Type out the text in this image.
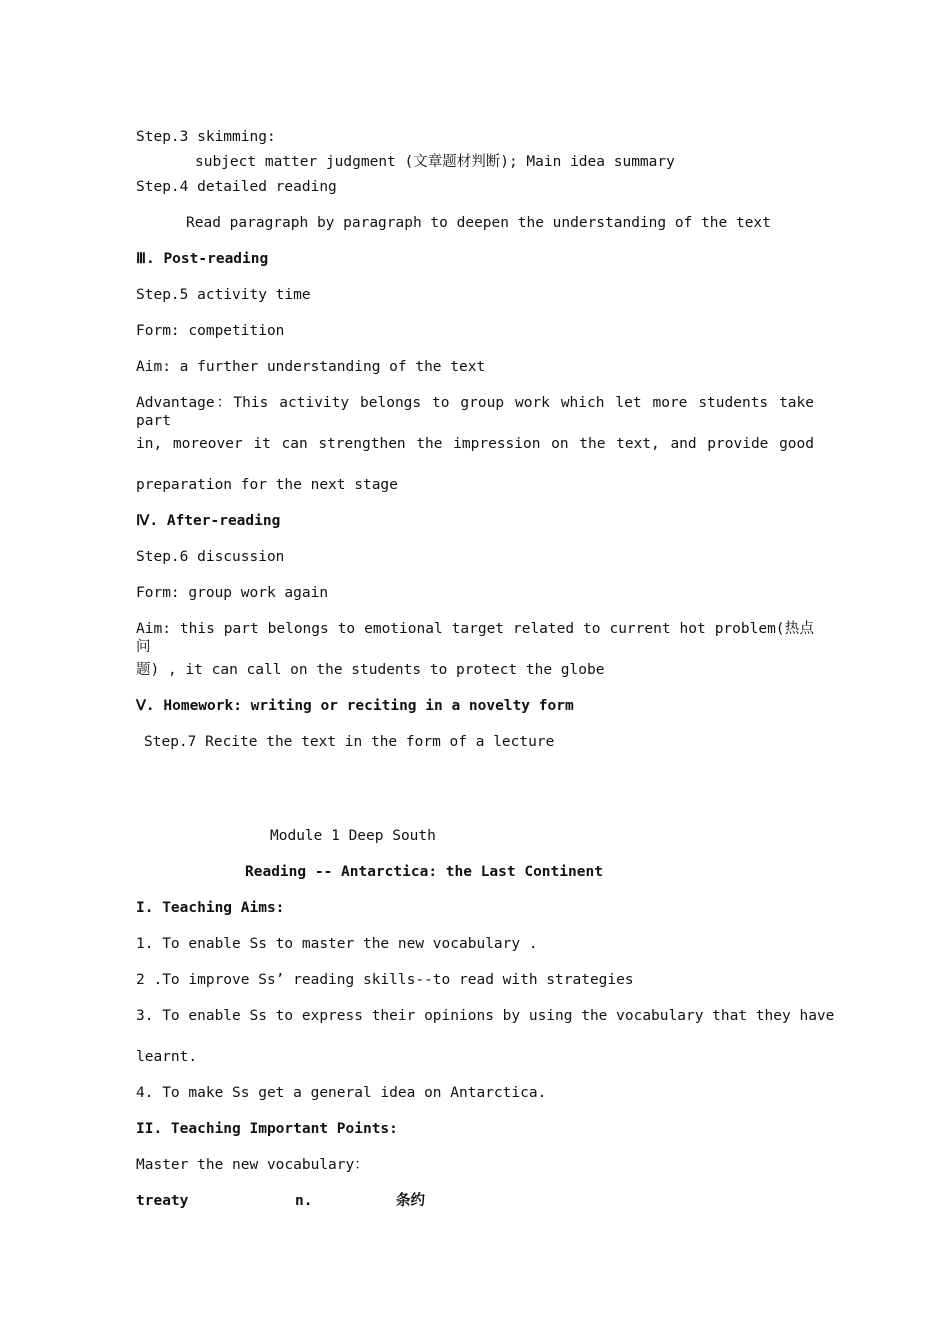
Step.3 skimming:
subject matter judgment (文章题材判断); Main idea summary
Step.4 detailed reading
Read paragraph by paragraph to deepen the understanding of the text
Ⅲ. Post-reading
Step.5 activity time
Form: competition
Aim: a further understanding of the text
Advantage：This activity belongs to group work which let more students take part
in, moreover it can strengthen the impression on the text, and provide good
preparation for the next stage
Ⅳ. After-reading
Step.6 discussion
Form: group work again
Aim: this part belongs to emotional target related to current hot problem(热点问
题) , it can call on the students to protect the globe
Ⅴ. Homework: writing or reciting in a novelty form
Step.7 Recite the text in the form of a lecture
Module 1 Deep South
Reading -- Antarctica: the Last Continent
I. Teaching Aims:
1. To enable Ss to master the new vocabulary .
2 .To improve Ss’ reading skills--to read with strategies
3. To enable Ss to express their opinions by using the vocabulary that they have
learnt.
4. To make Ss get a general idea on Antarctica.
II. Teaching Important Points:
Master the new vocabulary：
treaty	n.	条约
